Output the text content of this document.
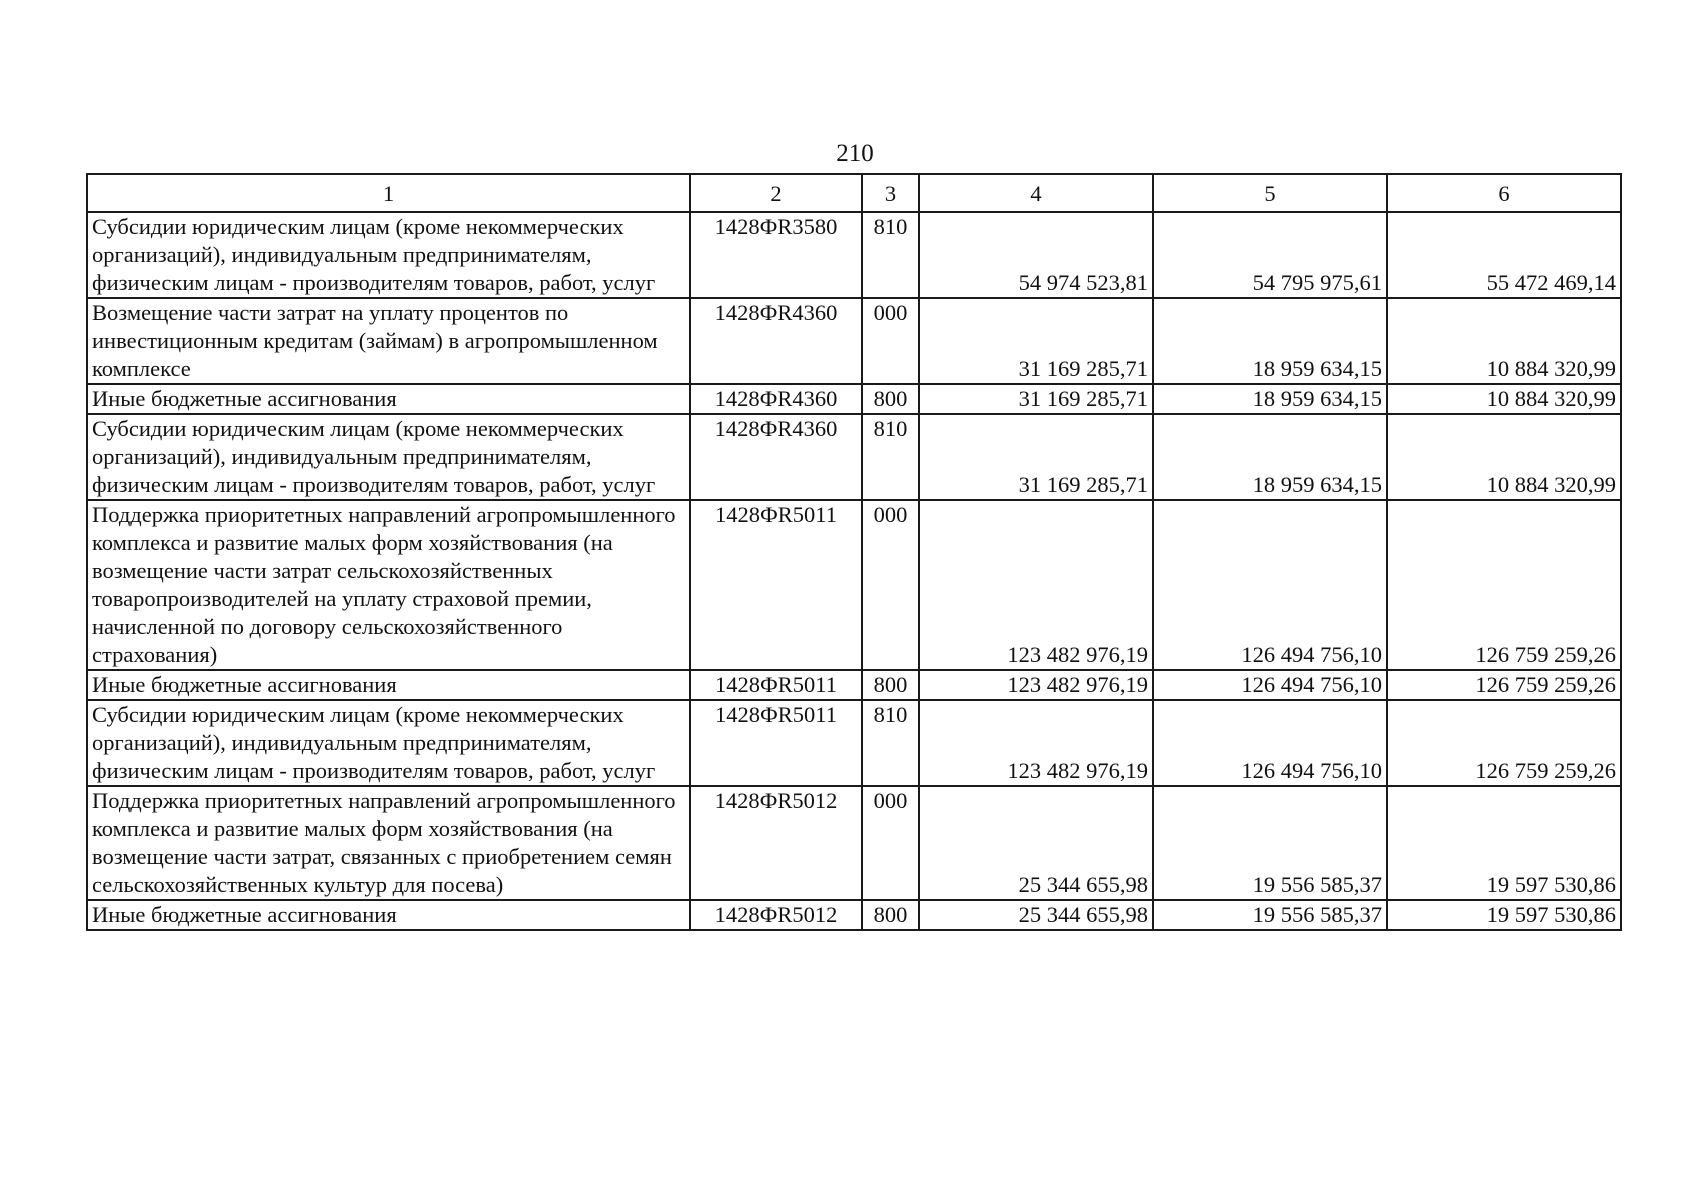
210
1	2	3	4	5	6
Субсидии юридическим лицам (кроме некоммерческих организаций), индивидуальным предпринимателям, физическим лицам - производителям товаров, работ, услуг	1428ФR3580	810	54 974 523,81	54 795 975,61	55 472 469,14
Возмещение части затрат на уплату процентов по инвестиционным кредитам (займам) в агропромышленном комплексе	1428ФR4360	000	31 169 285,71	18 959 634,15	10 884 320,99
Иные бюджетные ассигнования	1428ФR4360	800	31 169 285,71	18 959 634,15	10 884 320,99
Субсидии юридическим лицам (кроме некоммерческих организаций), индивидуальным предпринимателям, физическим лицам - производителям товаров, работ, услуг	1428ФR4360	810	31 169 285,71	18 959 634,15	10 884 320,99
Поддержка приоритетных направлений агропромышленного комплекса и развитие малых форм хозяйствования (на возмещение части затрат сельскохозяйственных товаропроизводителей на уплату страховой премии, начисленной по договору сельскохозяйственного страхования)	1428ФR5011	000	123 482 976,19	126 494 756,10	126 759 259,26
Иные бюджетные ассигнования	1428ФR5011	800	123 482 976,19	126 494 756,10	126 759 259,26
Субсидии юридическим лицам (кроме некоммерческих организаций), индивидуальным предпринимателям, физическим лицам - производителям товаров, работ, услуг	1428ФR5011	810	123 482 976,19	126 494 756,10	126 759 259,26
Поддержка приоритетных направлений агропромышленного комплекса и развитие малых форм хозяйствования (на возмещение части затрат, связанных с приобретением семян сельскохозяйственных культур для посева)	1428ФR5012	000	25 344 655,98	19 556 585,37	19 597 530,86
Иные бюджетные ассигнования	1428ФR5012	800	25 344 655,98	19 556 585,37	19 597 530,86
